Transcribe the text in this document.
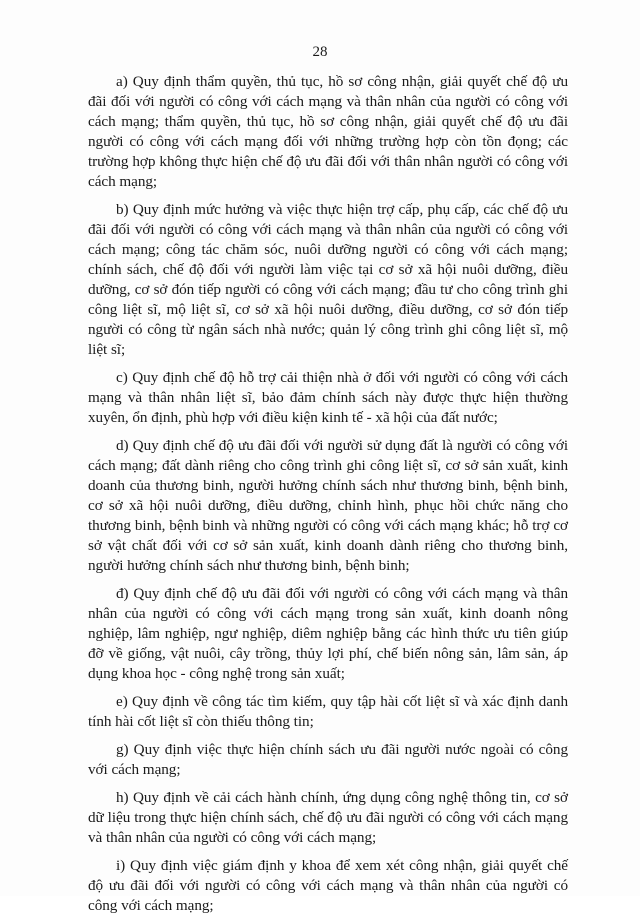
28

a) Quy định thẩm quyền, thủ tục, hồ sơ công nhận, giải quyết chế độ ưu đãi đối với người có công với cách mạng và thân nhân của người có công với cách mạng; thẩm quyền, thủ tục, hồ sơ công nhận, giải quyết chế độ ưu đãi người có công với cách mạng đối với những trường hợp còn tồn đọng; các trường hợp không thực hiện chế độ ưu đãi đối với thân nhân người có công với cách mạng;

b) Quy định mức hưởng và việc thực hiện trợ cấp, phụ cấp, các chế độ ưu đãi đối với người có công với cách mạng và thân nhân của người có công với cách mạng; công tác chăm sóc, nuôi dưỡng người có công với cách mạng; chính sách, chế độ đối với người làm việc tại cơ sở xã hội nuôi dưỡng, điều dưỡng, cơ sở đón tiếp người có công với cách mạng; đầu tư cho công trình ghi công liệt sĩ, mộ liệt sĩ, cơ sở xã hội nuôi dưỡng, điều dưỡng, cơ sở đón tiếp người có công từ ngân sách nhà nước; quản lý công trình ghi công liệt sĩ, mộ liệt sĩ;

c) Quy định chế độ hỗ trợ cải thiện nhà ở đối với người có công với cách mạng và thân nhân liệt sĩ, bảo đảm chính sách này được thực hiện thường xuyên, ổn định, phù hợp với điều kiện kinh tế - xã hội của đất nước;

d) Quy định chế độ ưu đãi đối với người sử dụng đất là người có công với cách mạng; đất dành riêng cho công trình ghi công liệt sĩ, cơ sở sản xuất, kinh doanh của thương binh, người hưởng chính sách như thương binh, bệnh binh, cơ sở xã hội nuôi dưỡng, điều dưỡng, chỉnh hình, phục hồi chức năng cho thương binh, bệnh binh và những người có công với cách mạng khác; hỗ trợ cơ sở vật chất đối với cơ sở sản xuất, kinh doanh dành riêng cho thương binh, người hưởng chính sách như thương binh, bệnh binh;

đ) Quy định chế độ ưu đãi đối với người có công với cách mạng và thân nhân của người có công với cách mạng trong sản xuất, kinh doanh nông nghiệp, lâm nghiệp, ngư nghiệp, diêm nghiệp bằng các hình thức ưu tiên giúp đỡ về giống, vật nuôi, cây trồng, thủy lợi phí, chế biến nông sản, lâm sản, áp dụng khoa học - công nghệ trong sản xuất;

e) Quy định về công tác tìm kiếm, quy tập hài cốt liệt sĩ và xác định danh tính hài cốt liệt sĩ còn thiếu thông tin;

g) Quy định việc thực hiện chính sách ưu đãi người nước ngoài có công với cách mạng;

h) Quy định về cải cách hành chính, ứng dụng công nghệ thông tin, cơ sở dữ liệu trong thực hiện chính sách, chế độ ưu đãi người có công với cách mạng và thân nhân của người có công với cách mạng;

i) Quy định việc giám định y khoa để xem xét công nhận, giải quyết chế độ ưu đãi đối với người có công với cách mạng và thân nhân của người có công với cách mạng;
